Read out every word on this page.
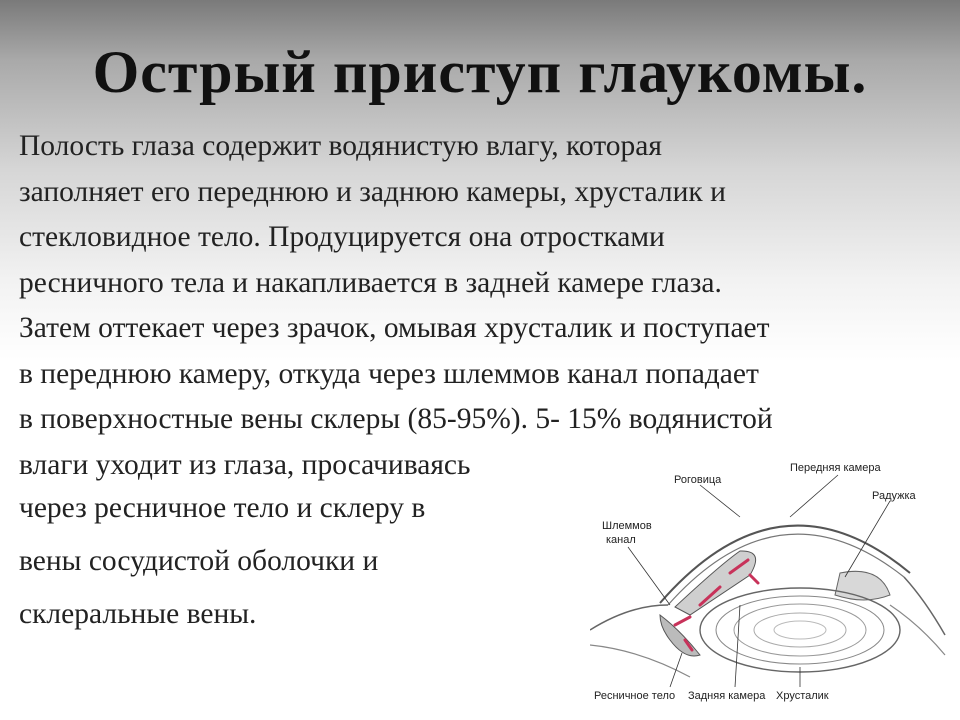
Острый приступ глаукомы.
Полость глаза содержит водянистую влагу, которая
заполняет его переднюю и заднюю камеры, хрусталик и
стекловидное тело. Продуцируется она отростками
ресничного тела и накапливается в задней камере глаза.
Затем оттекает через зрачок, омывая хрусталик и поступает
в переднюю камеру, откуда через шлеммов канал попадает
в поверхностные вены склеры (85-95%). 5- 15% водянистой
влаги уходит из глаза, просачиваясь
через ресничное тело и склеру в
вены сосудистой оболочки и
склеральные вены.
Роговица
Передняя камера
Радужка
Шлеммов
канал
Ресничное тело Задняя камера Хрусталик
